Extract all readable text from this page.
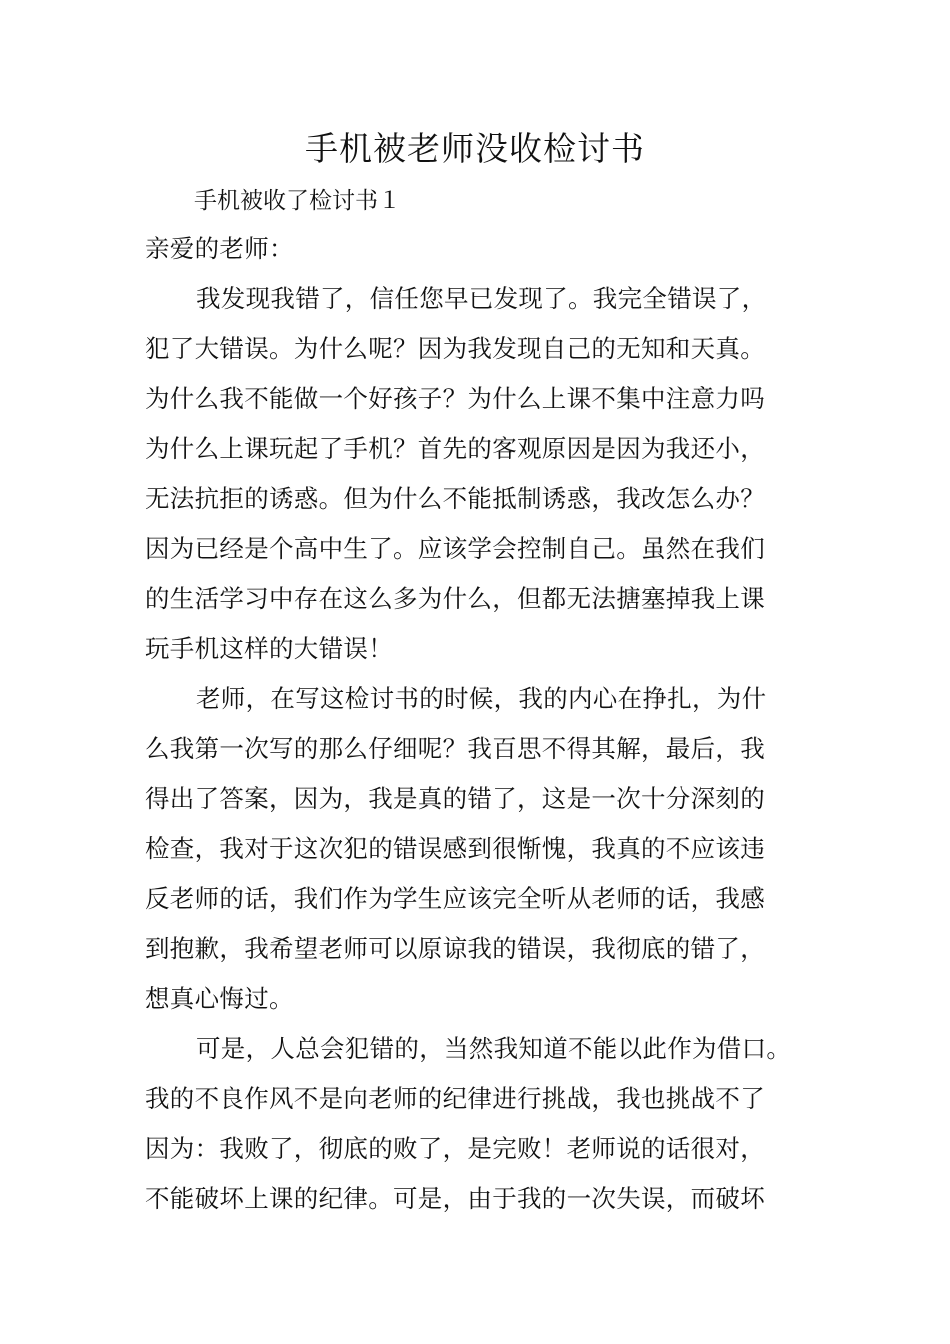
手机被老师没收检讨书

手机被收了检讨书１

亲爱的老师：

我发现我错了，信任您早已发现了。我完全错误了，

犯了大错误。为什么呢？因为我发现自己的无知和天真。

为什么我不能做一个好孩子？为什么上课不集中注意力吗

为什么上课玩起了手机？首先的客观原因是因为我还小，

无法抗拒的诱惑。但为什么不能抵制诱惑，我改怎么办？

因为已经是个高中生了。应该学会控制自己。虽然在我们

的生活学习中存在这么多为什么，但都无法搪塞掉我上课

玩手机这样的大错误！

老师，在写这检讨书的时候，我的内心在挣扎，为什

么我第一次写的那么仔细呢？我百思不得其解，最后，我

得出了答案，因为，我是真的错了，这是一次十分深刻的

检查，我对于这次犯的错误感到很惭愧，我真的不应该违

反老师的话，我们作为学生应该完全听从老师的话，我感

到抱歉，我希望老师可以原谅我的错误，我彻底的错了，

想真心悔过。

可是，人总会犯错的，当然我知道不能以此作为借口。

我的不良作风不是向老师的纪律进行挑战，我也挑战不了

因为：我败了，彻底的败了，是完败！老师说的话很对，

不能破坏上课的纪律。可是，由于我的一次失误，而破坏
